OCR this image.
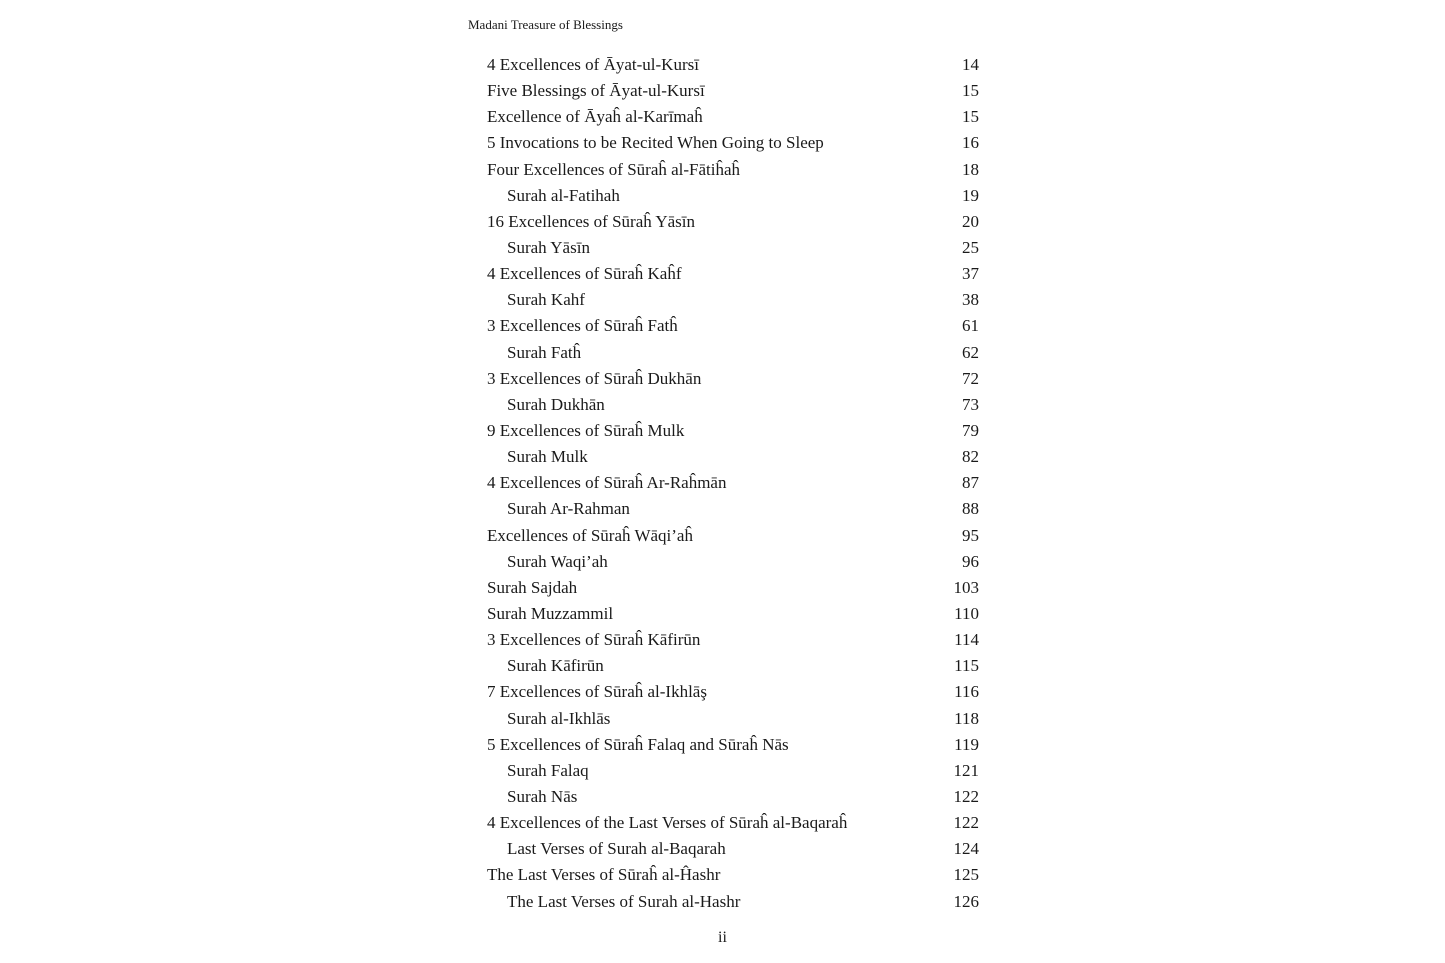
Madani Treasure of Blessings
4 Excellences of Āyat-ul-Kursī	14
Five Blessings of Āyat-ul-Kursī	15
Excellence of Āyaĥ al-Karīmaĥ	15
5 Invocations to be Recited When Going to Sleep	16
Four Excellences of Sūraĥ al-Fātiĥaĥ	18
Surah al-Fatihah	19
16 Excellences of Sūraĥ Yāsīn	20
Surah Yāsīn	25
4 Excellences of Sūraĥ Kaĥf	37
Surah Kahf	38
3 Excellences of Sūraĥ Fatĥ	61
Surah Fatĥ	62
3 Excellences of Sūraĥ Dukhān	72
Surah Dukhān	73
9 Excellences of Sūraĥ Mulk	79
Surah Mulk	82
4 Excellences of Sūraĥ Ar-Raĥmān	87
Surah Ar-Rahman	88
Excellences of Sūraĥ Wāqi’aĥ	95
Surah Waqi’ah	96
Surah Sajdah	103
Surah Muzzammil	110
3 Excellences of Sūraĥ Kāfirūn	114
Surah Kāfirūn	115
7 Excellences of Sūraĥ al-Ikhlāş	116
Surah al-Ikhlās	118
5 Excellences of Sūraĥ Falaq and Sūraĥ Nās	119
Surah Falaq	121
Surah Nās	122
4 Excellences of the Last Verses of Sūraĥ al-Baqaraĥ	122
Last Verses of Surah al-Baqarah	124
The Last Verses of Sūraĥ al-Ĥashr	125
The Last Verses of Surah al-Hashr	126
ii
